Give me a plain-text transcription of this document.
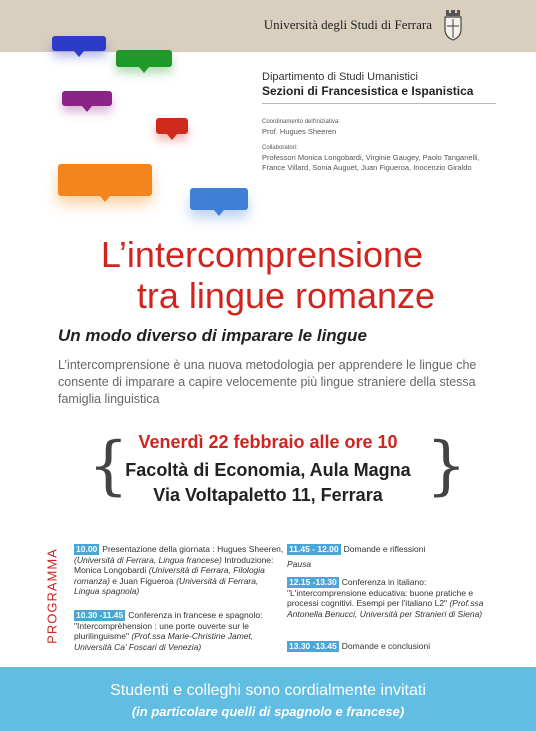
Università degli Studi di Ferrara
Dipartimento di Studi Umanistici
Sezioni di Francesistica e Ispanistica
Coordinamento dell'iniziativa:
Prof. Hugues Sheeren
Collaboratori:
Professori Monica Longobardi, Virginie Gaugey, Paolo Tanganelli,
France Villard, Sonia Auguet, Juan Figueroa, Inocenzio Giraldo
L’intercomprensione
tra lingue romanze
Un modo diverso di imparare le lingue
L’intercomprensione è una nuova metodologia per apprendere le lingue che consente di imparare a capire velocemente più lingue straniere della stessa famiglia linguistica
{	}
Venerdì 22 febbraio alle ore 10
Facoltà di Economia, Aula Magna
Via Voltapaletto 11, Ferrara
PROGRAMMA 10.00 Presentazione della giornata : Hugues Sheeren, (Università di Ferrara, Lingua francese) Introduzione: Monica Longobardi (Università di Ferrara, Filologia romanza) e Juan Figueroa (Università di Ferrara, Lingua spagnola)
10.30 -11.45 Conferenza in francese e spagnolo: "Intercomprèhension : une porte ouverte sur le plurilinguisme" (Prof.ssa Marie-Christine Jamet, Università Ca’ Foscari di Venezia)
11.45 - 12.00 Domande e riflessioni
Pausa
12.15 -13.30 Conferenza in italiano: "L'intercomprensione educativa: buone pratiche e processi cognitivi. Esempi per l'italiano L2" (Prof.ssa Antonella Benucci, Università per Stranieri di Siena)
13.30 -13.45 Domande e conclusioni
Studenti e colleghi sono cordialmente invitati
(in particolare quelli di spagnolo e francese)
